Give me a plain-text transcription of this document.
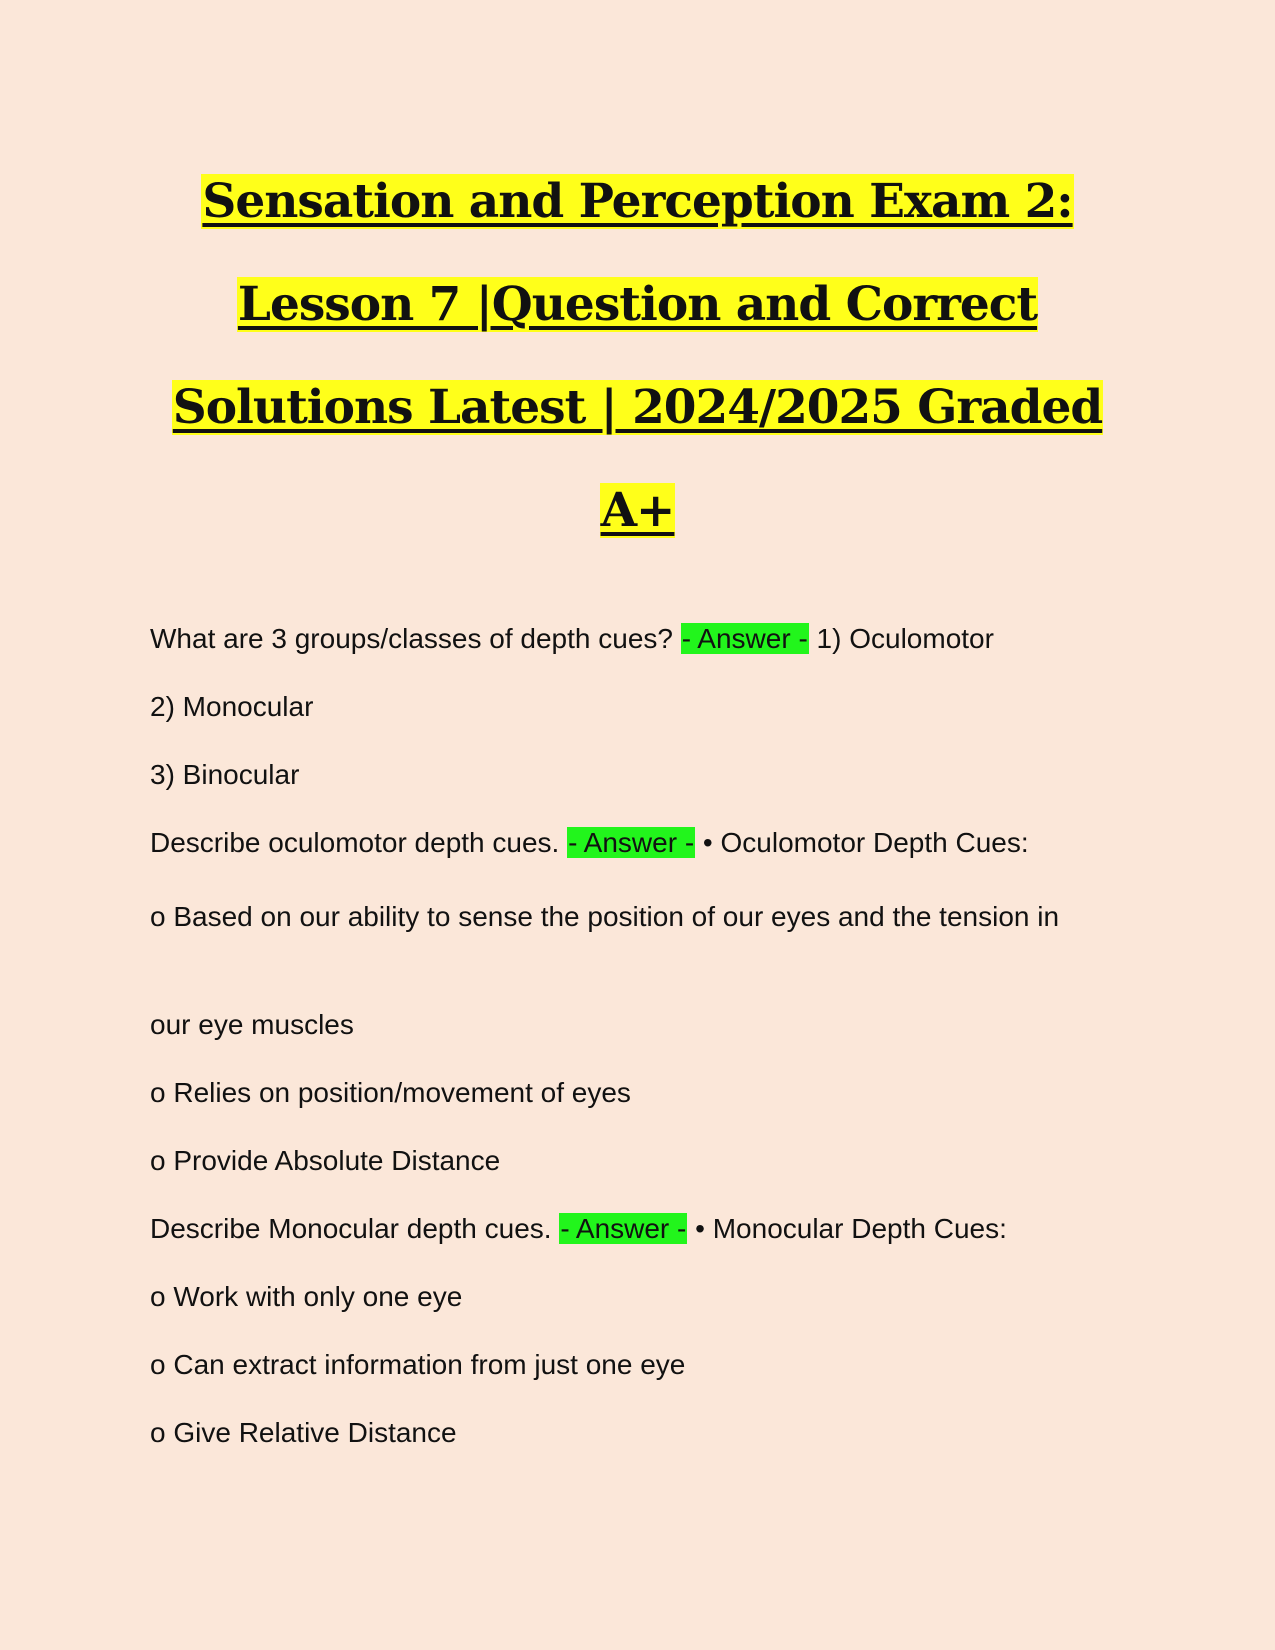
Sensation and Perception Exam 2:
Lesson 7 |Question and Correct
Solutions Latest | 2024/2025 Graded
A+
What are 3 groups/classes of depth cues? - Answer - 1) Oculomotor
2) Monocular
3) Binocular
Describe oculomotor depth cues. - Answer - • Oculomotor Depth Cues:
o Based on our ability to sense the position of our eyes and the tension in
our eye muscles
o Relies on position/movement of eyes
o Provide Absolute Distance
Describe Monocular depth cues. - Answer - • Monocular Depth Cues:
o Work with only one eye
o Can extract information from just one eye
o Give Relative Distance
